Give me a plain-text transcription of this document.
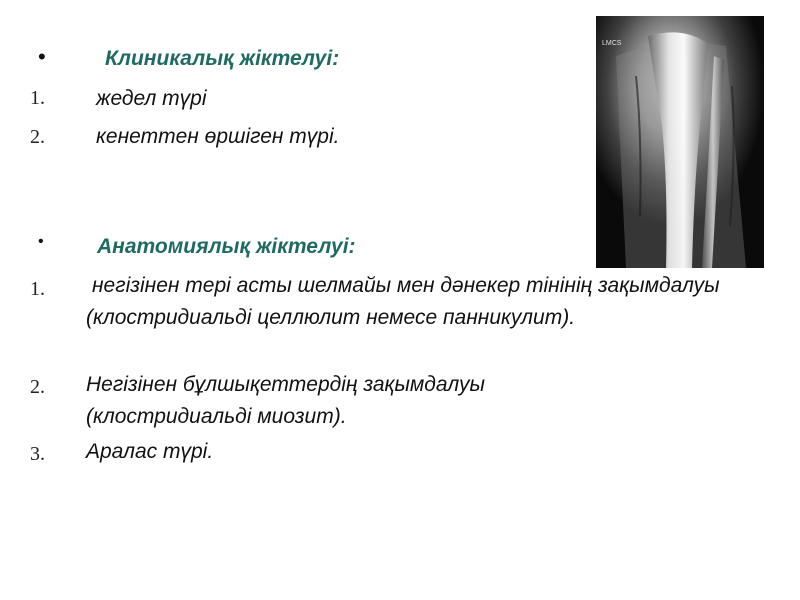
•	Клиникалық жіктелуі:
1. жедел түрі
2. кенеттен өршіген түрі.
•	Анатомиялық жіктелуі:
1. негізінен тері асты шелмайы мен дәнекер тінінің зақымдалуы (клостридиальді целлюлит немесе панникулит).
2. Негізінен бұлшықеттердің зақымдалуы (клостридиальді миозит).
3. Аралас түрі.
LMCS
